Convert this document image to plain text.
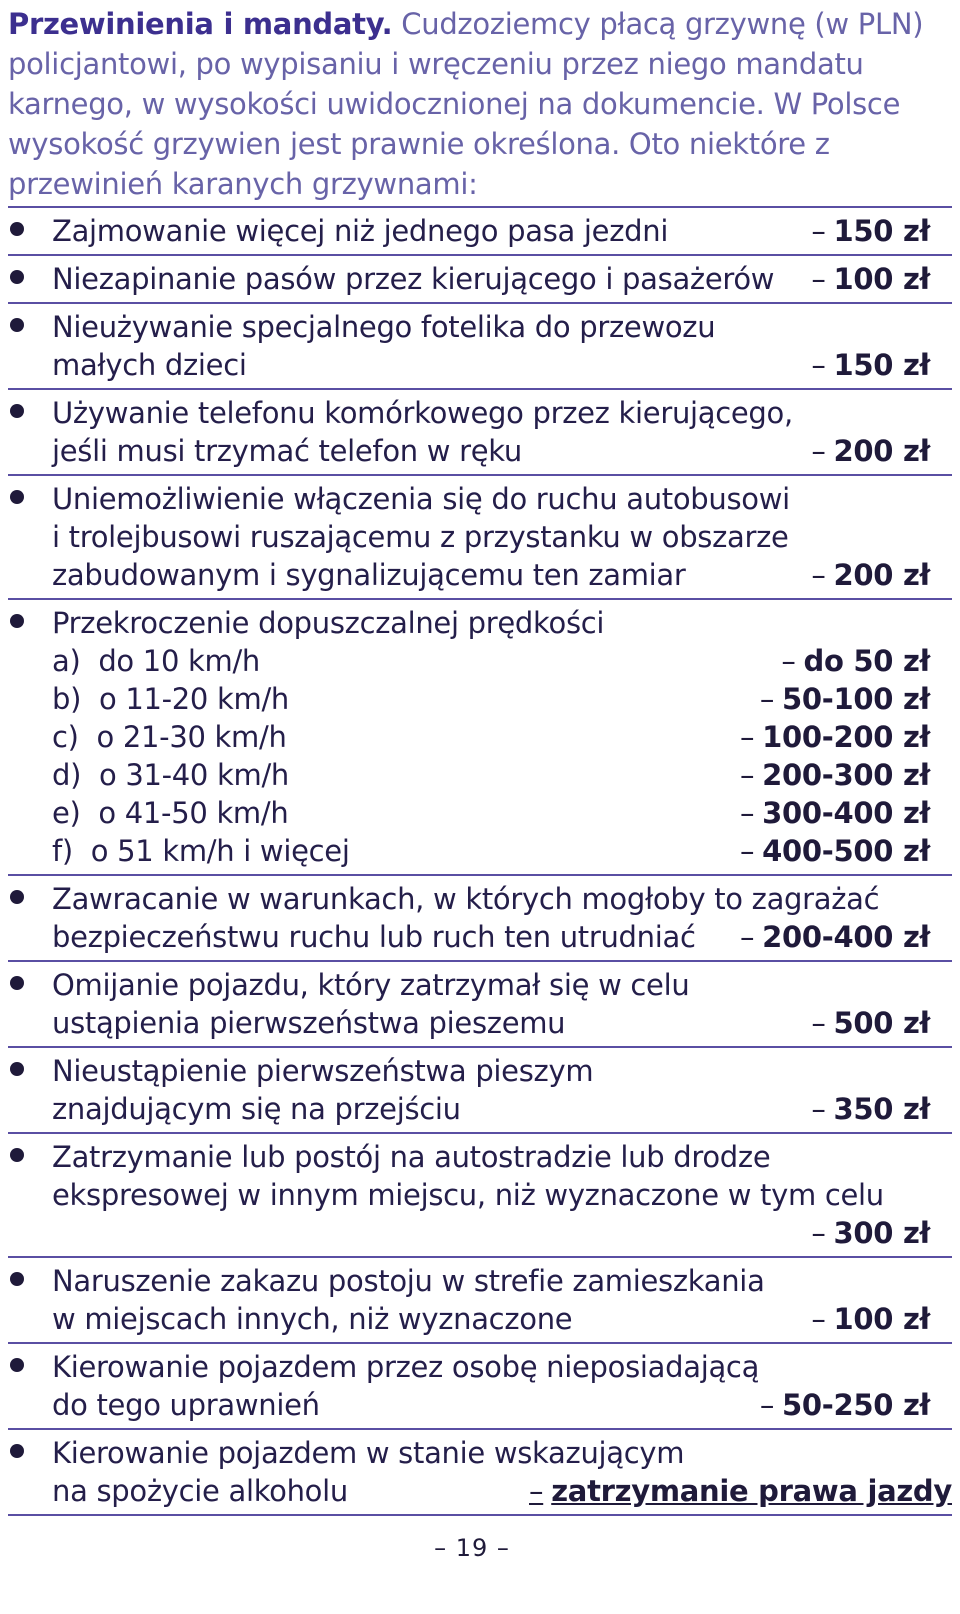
Przewinienia i mandaty. Cudzoziemcy płacą grzywnę (w PLN) policjantowi, po wypisaniu i wręczeniu przez niego mandatu karnego, w wysokości uwidocznionej na dokumencie. W Polsce wysokość grzywien jest prawnie określona. Oto niektóre z przewinień karanych grzywnami:

Zajmowanie więcej niż jednego pasa jezdni	– 150 zł
Niezapinanie pasów przez kierującego i pasażerów – 100 zł
Nieużywanie specjalnego fotelika do przewozu
małych dzieci	– 150 zł
Używanie telefonu komórkowego przez kierującego,
jeśli musi trzymać telefon w ręku	– 200 zł
Uniemożliwienie włączenia się do ruchu autobusowi
i trolejbusowi ruszającemu z przystanku w obszarze
zabudowanym i sygnalizującemu ten zamiar	– 200 zł
Przekroczenie dopuszczalnej prędkości
a)  do 10 km/h	– do 50 zł
b)  o 11-20 km/h	– 50-100 zł
c)  o 21-30 km/h	– 100-200 zł
d)  o 31-40 km/h	– 200-300 zł
e)  o 41-50 km/h	– 300-400 zł
f)  o 51 km/h i więcej	– 400-500 zł
Zawracanie w warunkach, w których mogłoby to zagrażać
bezpieczeństwu ruchu lub ruch ten utrudniać – 200-400 zł
Omijanie pojazdu, który zatrzymał się w celu
ustąpienia pierwszeństwa pieszemu	– 500 zł
Nieustąpienie pierwszeństwa pieszym
znajdującym się na przejściu	– 350 zł
Zatrzymanie lub postój na autostradzie lub drodze
ekspresowej w innym miejscu, niż wyznaczone w tym celu

– 300 zł
Naruszenie zakazu postoju w strefie zamieszkania
w miejscach innych, niż wyznaczone	– 100 zł
Kierowanie pojazdem przez osobę nieposiadającą
do tego uprawnień	– 50-250 zł
Kierowanie pojazdem w stanie wskazującym
na spożycie alkoholu	– zatrzymanie prawa jazdy
– 19 –
